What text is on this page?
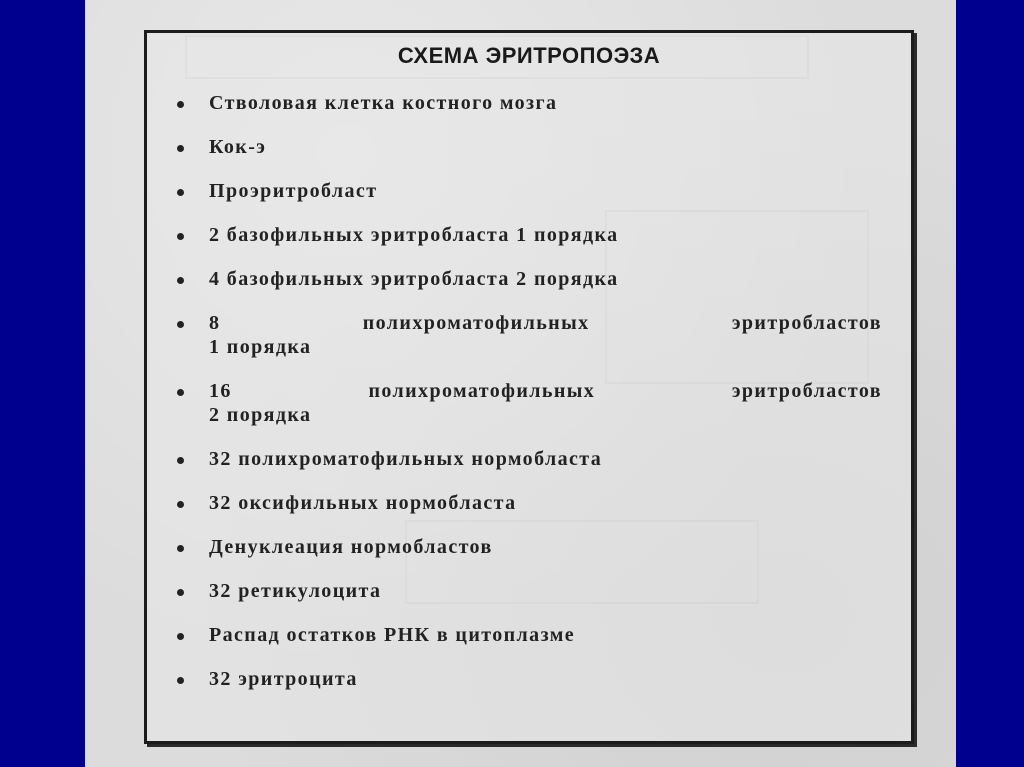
СХЕМА ЭРИТРОПОЭЗА
Стволовая клетка костного мозга
Кок-э
Проэритробласт
2 базофильных эритробласта 1 порядка
4 базофильных эритробласта 2 порядка
8	полихроматофильных	эритробластов
1 порядка
16	полихроматофильных	эритробластов
2 порядка
32 полихроматофильных нормобласта
32 оксифильных нормобласта
Денуклеация нормобластов
32 ретикулоцита
Распад остатков РНК в цитоплазме
32 эритроцита
